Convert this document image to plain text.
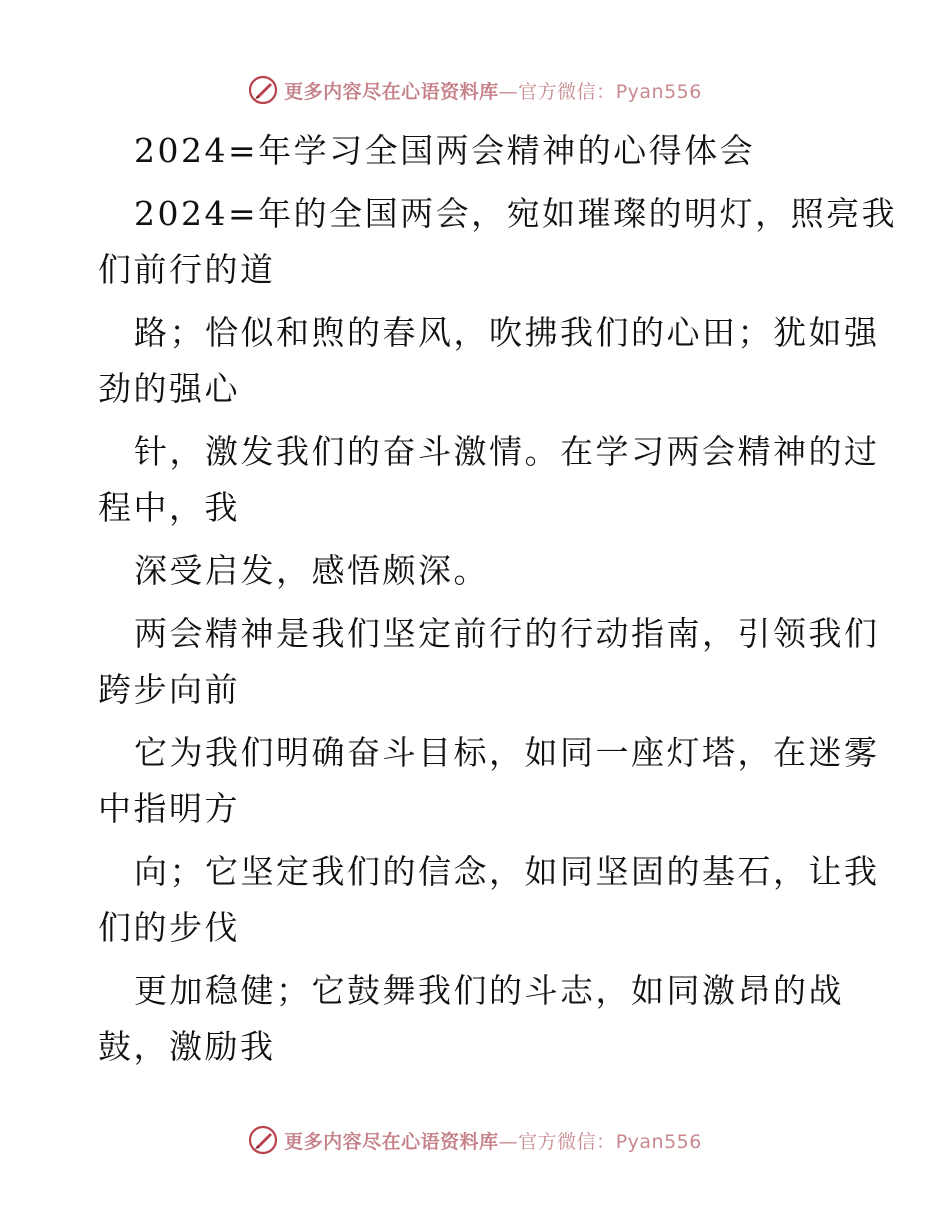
更多内容尽在心语资料库—官方微信：Pyan556

2024=年学习全国两会精神的心得体会

2024=年的全国两会，宛如璀璨的明灯，照亮我

们前行的道

路；恰似和煦的春风，吹拂我们的心田；犹如强

劲的强心

针，激发我们的奋斗激情。在学习两会精神的过

程中，我

深受启发，感悟颇深。

两会精神是我们坚定前行的行动指南，引领我们

跨步向前

它为我们明确奋斗目标，如同一座灯塔，在迷雾

中指明方

向；它坚定我们的信念，如同坚固的基石，让我

们的步伐

更加稳健；它鼓舞我们的斗志，如同激昂的战

鼓，激励我

更多内容尽在心语资料库—官方微信：Pyan556
